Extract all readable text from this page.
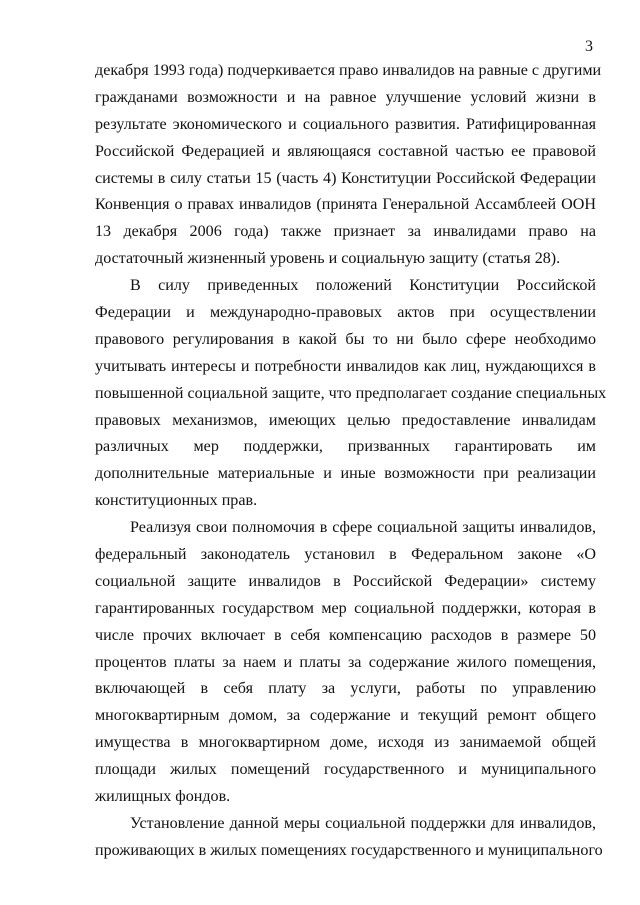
3
декабря 1993 года) подчеркивается право инвалидов на равные с другими
гражданами возможности и на равное улучшение условий жизни в
результате экономического и социального развития. Ратифицированная
Российской Федерацией и являющаяся составной частью ее правовой
системы в силу статьи 15 (часть 4) Конституции Российской Федерации
Конвенция о правах инвалидов (принята Генеральной Ассамблеей ООН
13 декабря 2006 года) также признает за инвалидами право на
достаточный жизненный уровень и социальную защиту (статья 28).
В силу приведенных положений Конституции Российской
Федерации и международно-правовых актов при осуществлении
правового регулирования в какой бы то ни было сфере необходимо
учитывать интересы и потребности инвалидов как лиц, нуждающихся в
повышенной социальной защите, что предполагает создание специальных
правовых механизмов, имеющих целью предоставление инвалидам
различных мер поддержки, призванных гарантировать им
дополнительные материальные и иные возможности при реализации
конституционных прав.
Реализуя свои полномочия в сфере социальной защиты инвалидов,
федеральный законодатель установил в Федеральном законе «О
социальной защите инвалидов в Российской Федерации» систему
гарантированных государством мер социальной поддержки, которая в
числе прочих включает в себя компенсацию расходов в размере 50
процентов платы за наем и платы за содержание жилого помещения,
включающей в себя плату за услуги, работы по управлению
многоквартирным домом, за содержание и текущий ремонт общего
имущества в многоквартирном доме, исходя из занимаемой общей
площади жилых помещений государственного и муниципального
жилищных фондов.
Установление данной меры социальной поддержки для инвалидов,
проживающих в жилых помещениях государственного и муниципального
